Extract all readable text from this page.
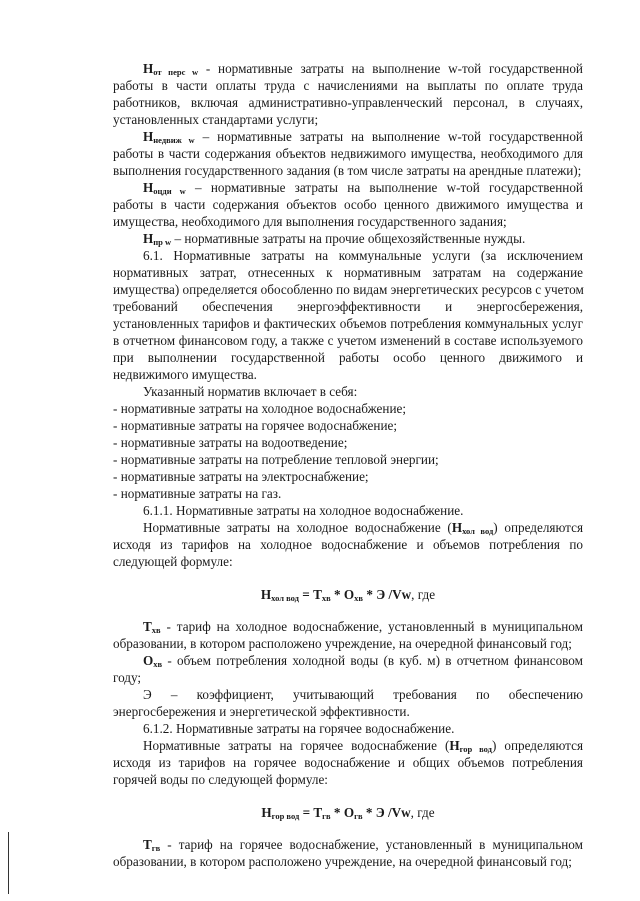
Нот перс w - нормативные затраты на выполнение w-той государственной
работы в части оплаты труда с начислениями на выплаты по оплате труда
работников, включая административно-управленческий персонал, в случаях,
установленных стандартами услуги;
Ннедвиж w – нормативные затраты на выполнение w-той государственной
работы в части содержания объектов недвижимого имущества, необходимого для
выполнения государственного задания (в том числе затраты на арендные платежи);
Ноцди w – нормативные затраты на выполнение w-той государственной
работы в части содержания объектов особо ценного движимого имущества и
имущества, необходимого для выполнения государственного задания;
Нпр w – нормативные затраты на прочие общехозяйственные нужды.
6.1. Нормативные затраты на коммунальные услуги (за исключением
нормативных затрат, отнесенных к нормативным затратам на содержание
имущества) определяется обособленно по видам энергетических ресурсов с учетом
требований обеспечения энергоэффективности и энергосбережения,
установленных тарифов и фактических объемов потребления коммунальных услуг
в отчетном финансовом году, а также с учетом изменений в составе используемого
при выполнении государственной работы особо ценного движимого и
недвижимого имущества.
Указанный норматив включает в себя:
- нормативные затраты на холодное водоснабжение;
- нормативные затраты на горячее водоснабжение;
- нормативные затраты на водоотведение;
- нормативные затраты на потребление тепловой энергии;
- нормативные затраты на электроснабжение;
- нормативные затраты на газ.
6.1.1. Нормативные затраты на холодное водоснабжение.
Нормативные затраты на холодное водоснабжение (Нхол вод) определяются
исходя из тарифов на холодное водоснабжение и объемов потребления по
следующей формуле:
Нхол вод = Тхв * Охв * Э /Vw, где
Тхв - тариф на холодное водоснабжение, установленный в муниципальном
образовании, в котором расположено учреждение, на очередной финансовый год;
Охв - объем потребления холодной воды (в куб. м) в отчетном финансовом
году;
Э – коэффициент, учитывающий требования по обеспечению
энергосбережения и энергетической эффективности.
6.1.2. Нормативные затраты на горячее водоснабжение.
Нормативные затраты на горячее водоснабжение (Нгор вод) определяются
исходя из тарифов на горячее водоснабжение и общих объемов потребления
горячей воды по следующей формуле:
Нгор вод = Тгв * Огв * Э /Vw, где
Тгв - тариф на горячее водоснабжение, установленный в муниципальном
образовании, в котором расположено учреждение, на очередной финансовый год;
